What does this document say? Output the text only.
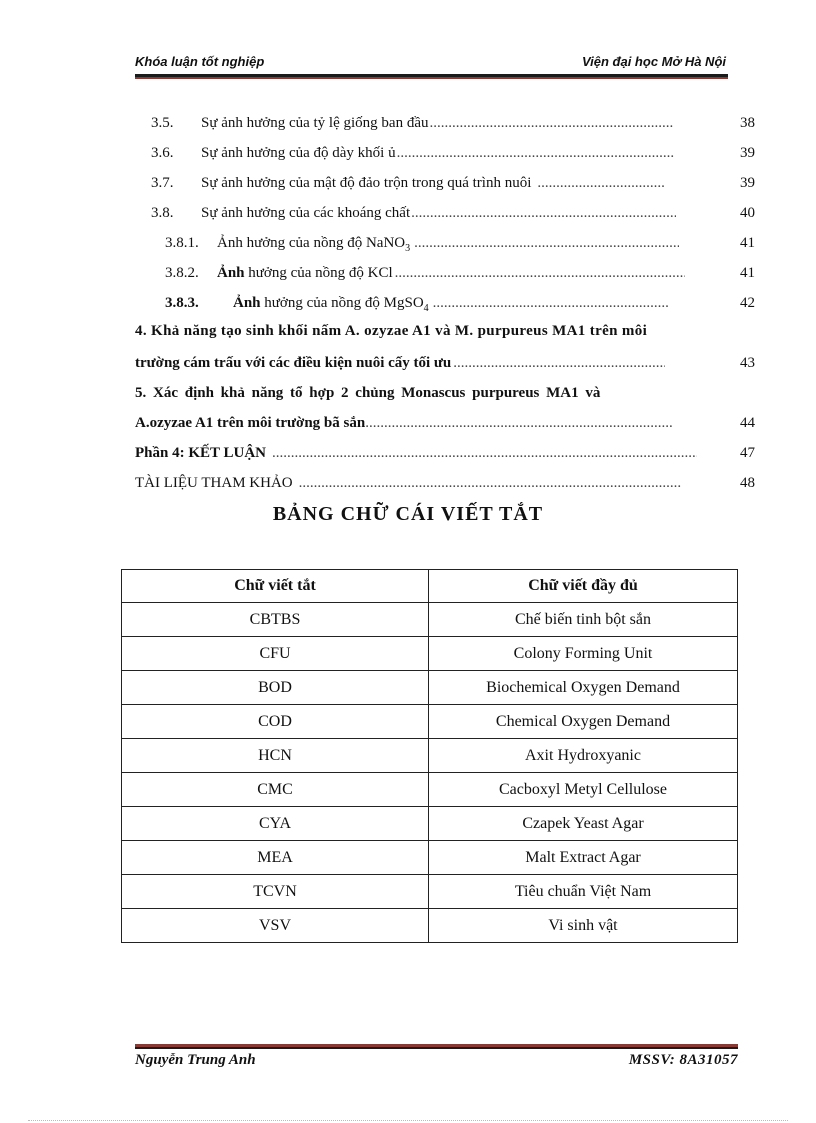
Khóa luận tốt nghiệp	Viện đại học Mở Hà Nội
3.5. Sự ảnh hưởng của tỷ lệ giống ban đầu .....	38
3.6. Sự ảnh hưởng của độ dày khối ủ .....	39
3.7. Sự ảnh hưởng của mật độ đảo trộn trong quá trình nuôi .....	39
3.8. Sự ảnh hưởng của các khoáng chất .....	40
3.8.1. Ảnh hưởng của nồng độ NaNO$_3$ .....	41
3.8.2. Ảnh hưởng của nồng độ KCl .....	41
3.8.3. Ảnh hưởng của nồng độ MgSO$_4$ .....	42
4. Khả năng tạo sinh khối nấm A. ozyzae A1 và M. purpureus MA1 trên môi
trường cám trấu với các điều kiện nuôi cấy tối ưu .....	43
5. Xác định khả năng tổ hợp 2 chủng Monascus purpureus MA1 và
A.ozyzae A1 trên môi trường bã sắn .....	44
Phần 4: KẾT LUẬN .....	47
TÀI LIỆU THAM KHẢO .....	48
BẢNG CHỮ CÁI VIẾT TẮT
Chữ viết tắt	Chữ viết đầy đủ
CBTBS	Chế biến tinh bột sắn
CFU	Colony Forming Unit
BOD	Biochemical Oxygen Demand
COD	Chemical Oxygen Demand
HCN	Axit Hydroxyanic
CMC	Cacboxyl Metyl Cellulose
CYA	Czapek Yeast Agar
MEA	Malt Extract Agar
TCVN	Tiêu chuẩn Việt Nam
VSV	Vi sinh vật
Nguyễn Trung Anh	MSSV: 8A31057
